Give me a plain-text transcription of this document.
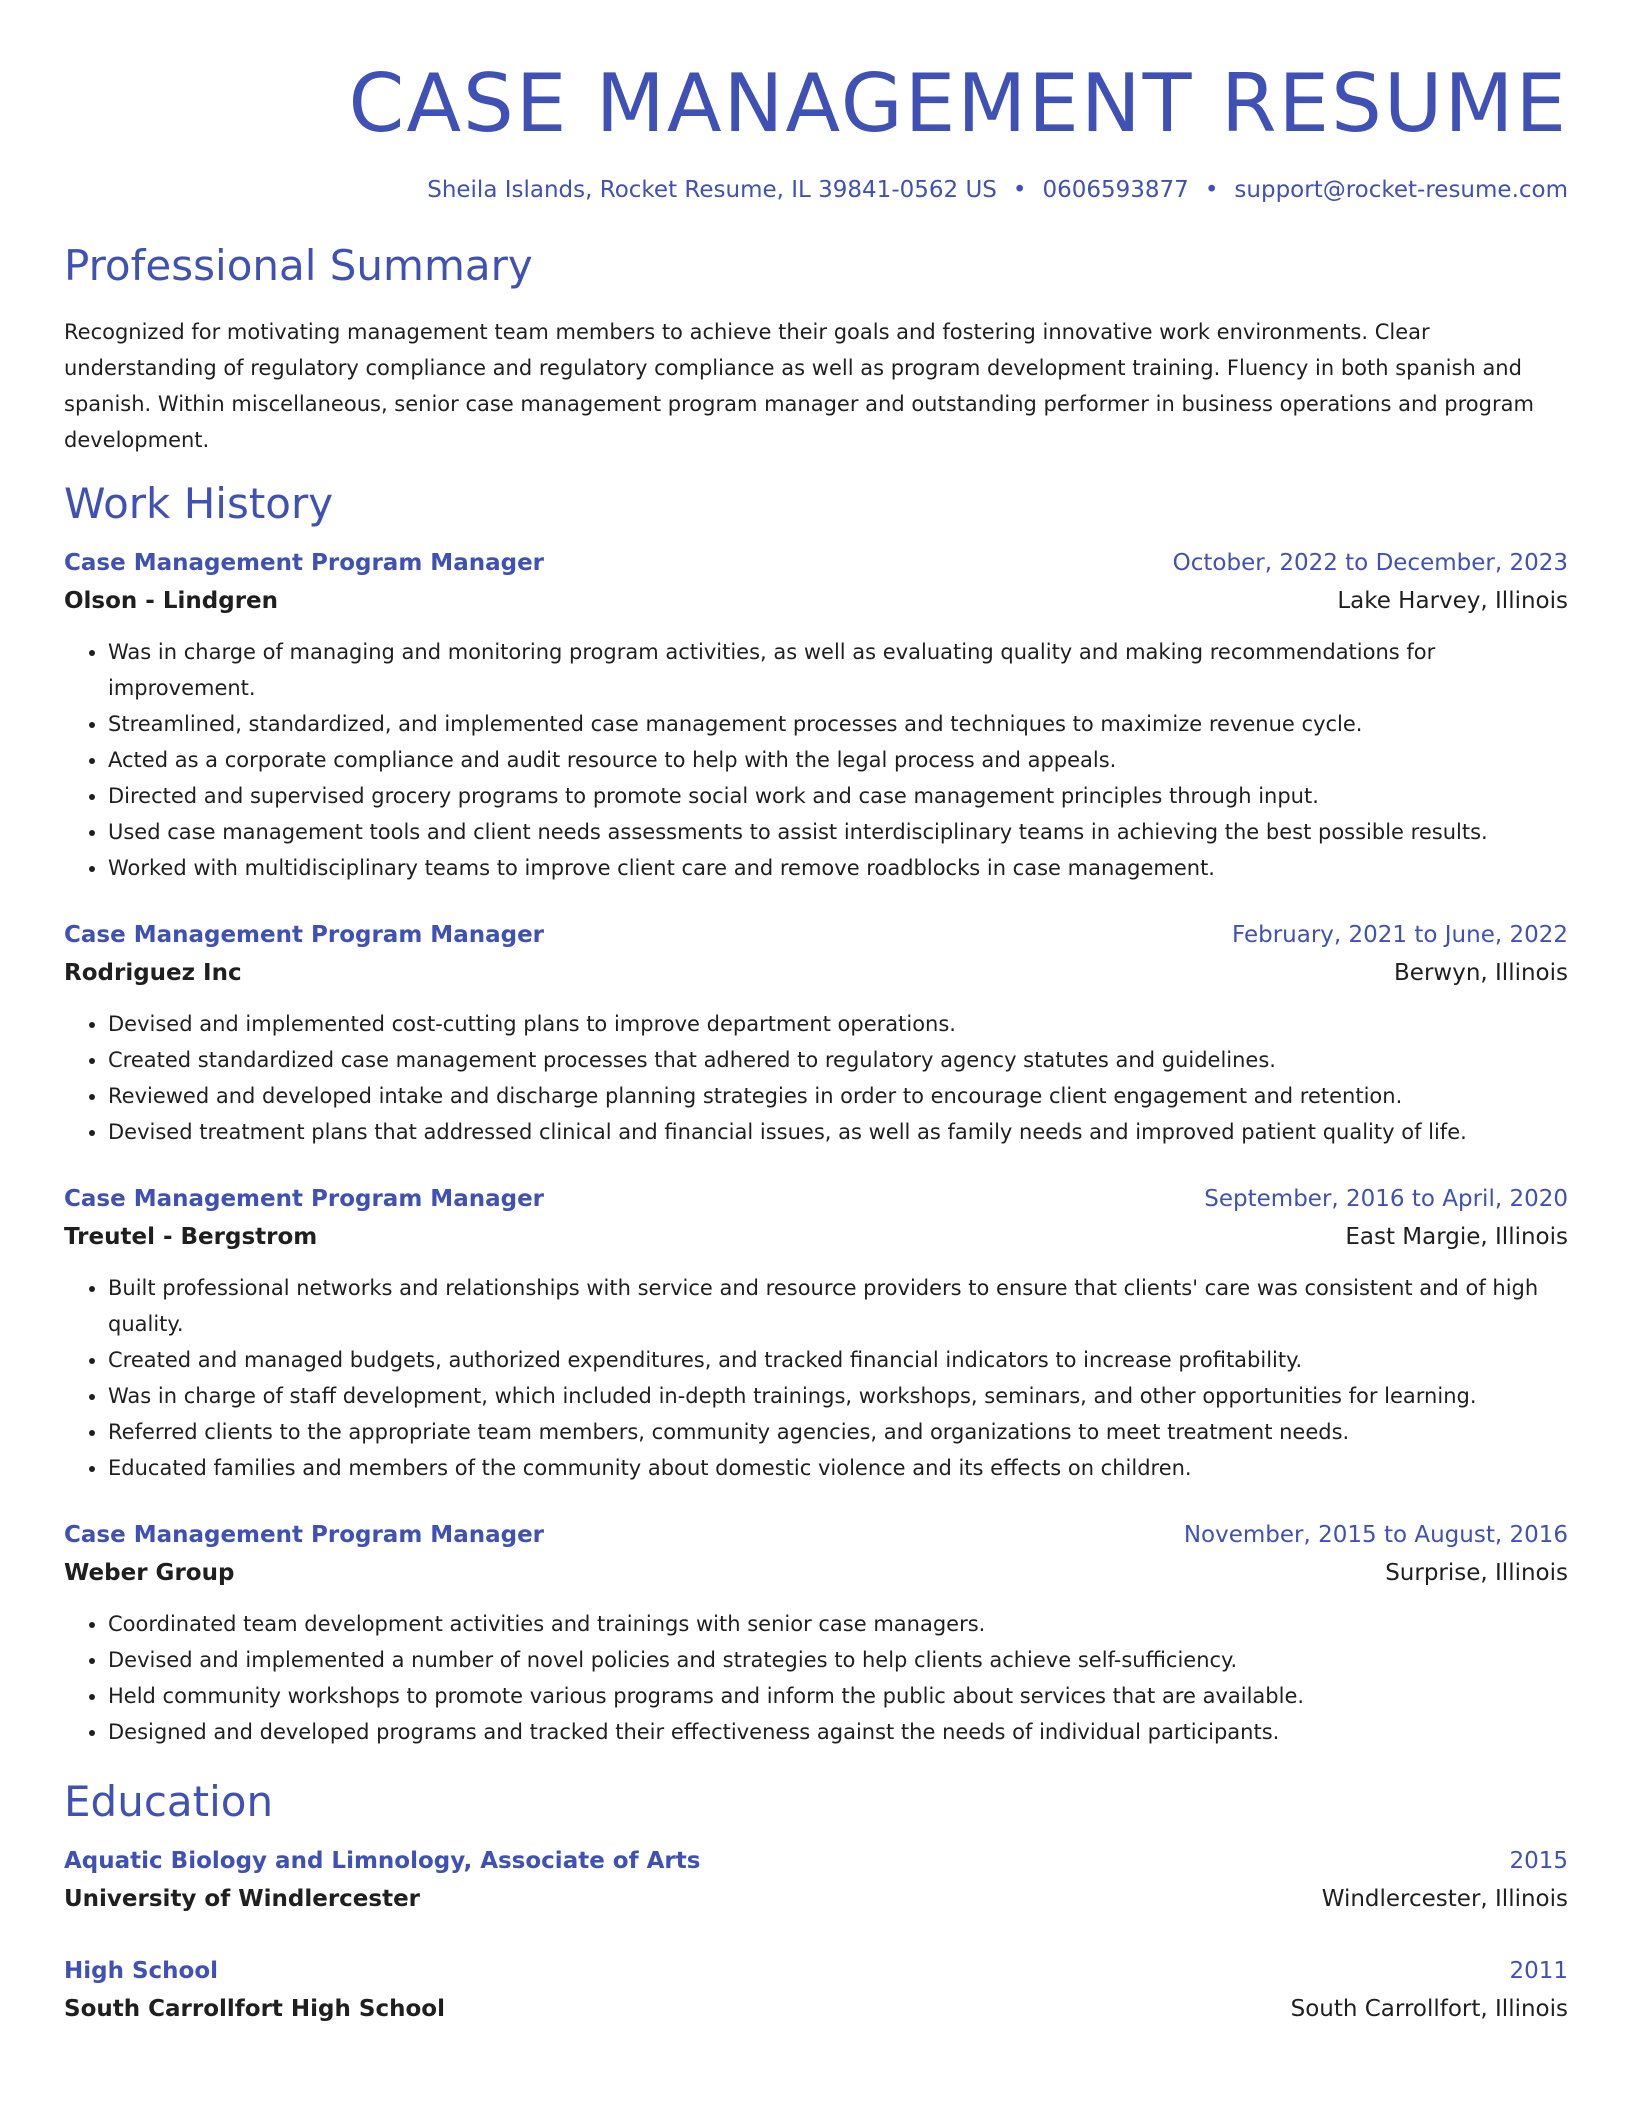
CASE MANAGEMENT RESUME
Sheila Islands, Rocket Resume, IL 39841-0562 US • 0606593877 • support@rocket-resume.com
Professional Summary

Recognized for motivating management team members to achieve their goals and fostering innovative work environments. Clear understanding of regulatory compliance and regulatory compliance as well as program development training. Fluency in both spanish and spanish. Within miscellaneous, senior case management program manager and outstanding performer in business operations and program development.

Work History
Case Management Program Manager	October, 2022 to December, 2023
Olson - Lindgren	Lake Harvey, Illinois
• Was in charge of managing and monitoring program activities, as well as evaluating quality and making recommendations for improvement.
• Streamlined, standardized, and implemented case management processes and techniques to maximize revenue cycle.
• Acted as a corporate compliance and audit resource to help with the legal process and appeals.
• Directed and supervised grocery programs to promote social work and case management principles through input.
• Used case management tools and client needs assessments to assist interdisciplinary teams in achieving the best possible results.
• Worked with multidisciplinary teams to improve client care and remove roadblocks in case management.
Case Management Program Manager	February, 2021 to June, 2022
Rodriguez Inc	Berwyn, Illinois
• Devised and implemented cost-cutting plans to improve department operations.
• Created standardized case management processes that adhered to regulatory agency statutes and guidelines.
• Reviewed and developed intake and discharge planning strategies in order to encourage client engagement and retention.
• Devised treatment plans that addressed clinical and financial issues, as well as family needs and improved patient quality of life.
Case Management Program Manager	September, 2016 to April, 2020
Treutel - Bergstrom	East Margie, Illinois
• Built professional networks and relationships with service and resource providers to ensure that clients' care was consistent and of high quality.
• Created and managed budgets, authorized expenditures, and tracked financial indicators to increase profitability.
• Was in charge of staff development, which included in-depth trainings, workshops, seminars, and other opportunities for learning.
• Referred clients to the appropriate team members, community agencies, and organizations to meet treatment needs.
• Educated families and members of the community about domestic violence and its effects on children.
Case Management Program Manager	November, 2015 to August, 2016
Weber Group	Surprise, Illinois
• Coordinated team development activities and trainings with senior case managers.
• Devised and implemented a number of novel policies and strategies to help clients achieve self-sufficiency.
• Held community workshops to promote various programs and inform the public about services that are available.
• Designed and developed programs and tracked their effectiveness against the needs of individual participants.
Education
Aquatic Biology and Limnology, Associate of Arts	2015
University of Windlercester	Windlercester, Illinois
High School	2011
South Carrollfort High School	South Carrollfort, Illinois
